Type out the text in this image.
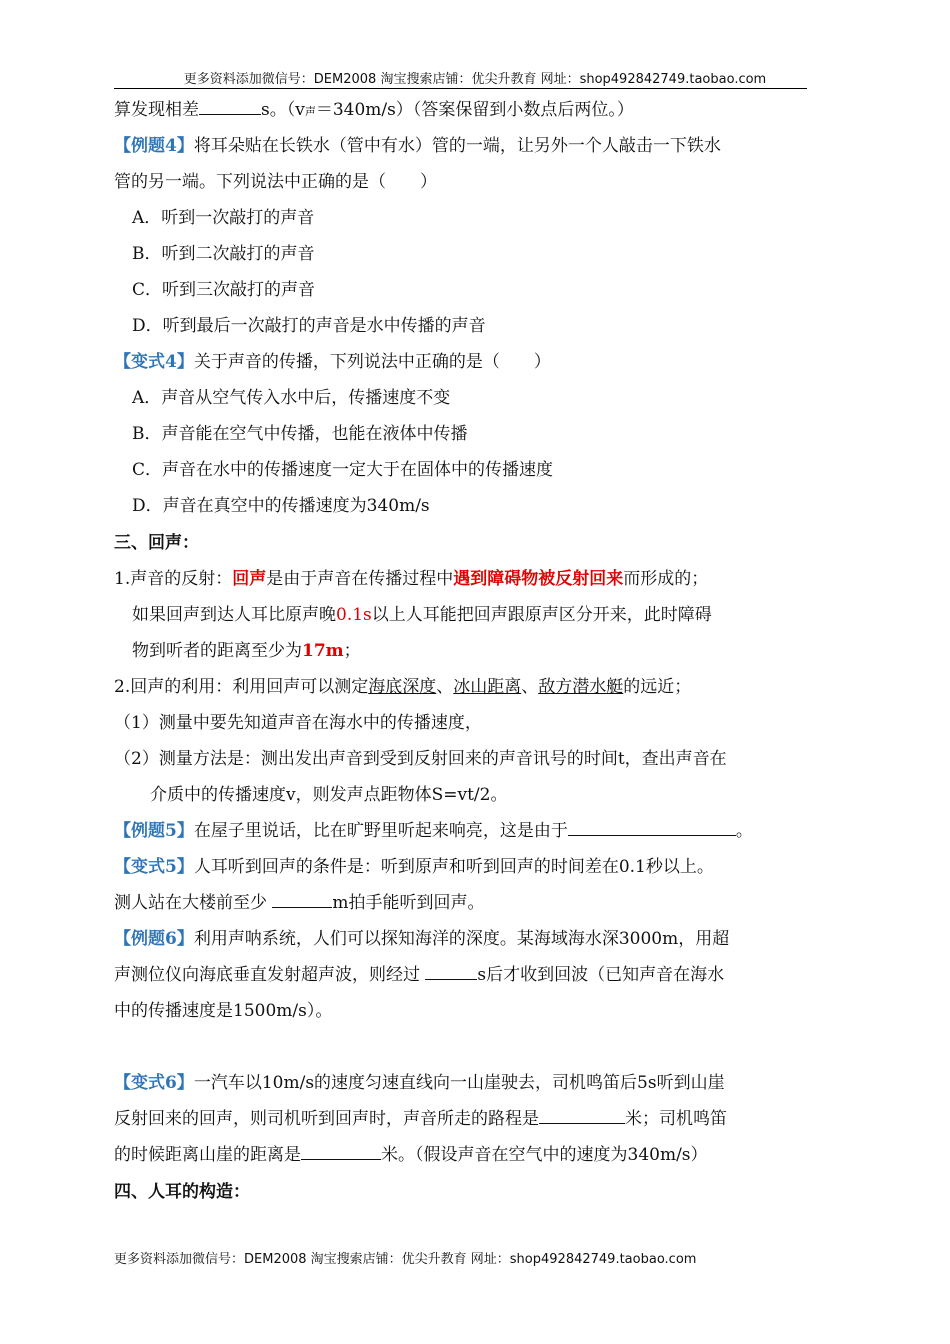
更多资料添加微信号：DEM2008 淘宝搜索店铺：优尖升教育 网址：shop492842749.taobao.com
算发现相差	s。（v声＝340m/s）（答案保留到小数点后两位。）
【例题4】将耳朵贴在长铁水（管中有水）管的一端，让另外一个人敲击一下铁水
管的另一端。下列说法中正确的是（　　）
A．听到一次敲打的声音
B．听到二次敲打的声音
C．听到三次敲打的声音
D．听到最后一次敲打的声音是水中传播的声音
【变式4】关于声音的传播，下列说法中正确的是（　　）
A．声音从空气传入水中后，传播速度不变
B．声音能在空气中传播，也能在液体中传播
C．声音在水中的传播速度一定大于在固体中的传播速度
D．声音在真空中的传播速度为340m/s
三、回声：
1.声音的反射：回声是由于声音在传播过程中遇到障碍物被反射回来而形成的；
如果回声到达人耳比原声晚0.1s以上人耳能把回声跟原声区分开来，此时障碍
物到听者的距离至少为17m；
2.回声的利用：利用回声可以测定海底深度、冰山距离、敌方潜水艇的远近；
（1）测量中要先知道声音在海水中的传播速度，
（2）测量方法是：测出发出声音到受到反射回来的声音讯号的时间t，查出声音在
介质中的传播速度v，则发声点距物体S=vt/2。
【例题5】在屋子里说话，比在旷野里听起来响亮，这是由于	。
【变式5】人耳听到回声的条件是：听到原声和听到回声的时间差在0.1秒以上。
测人站在大楼前至少	m拍手能听到回声。
【例题6】利用声呐系统，人们可以探知海洋的深度。某海域海水深3000m，用超
声测位仪向海底垂直发射超声波，则经过	s后才收到回波（已知声音在海水
中的传播速度是1500m/s）。
【变式6】一汽车以10m/s的速度匀速直线向一山崖驶去，司机鸣笛后5s听到山崖
反射回来的回声，则司机听到回声时，声音所走的路程是	米；司机鸣笛
的时候距离山崖的距离是	米。（假设声音在空气中的速度为340m/s）
四、人耳的构造：
更多资料添加微信号：DEM2008 淘宝搜索店铺：优尖升教育 网址：shop492842749.taobao.com
